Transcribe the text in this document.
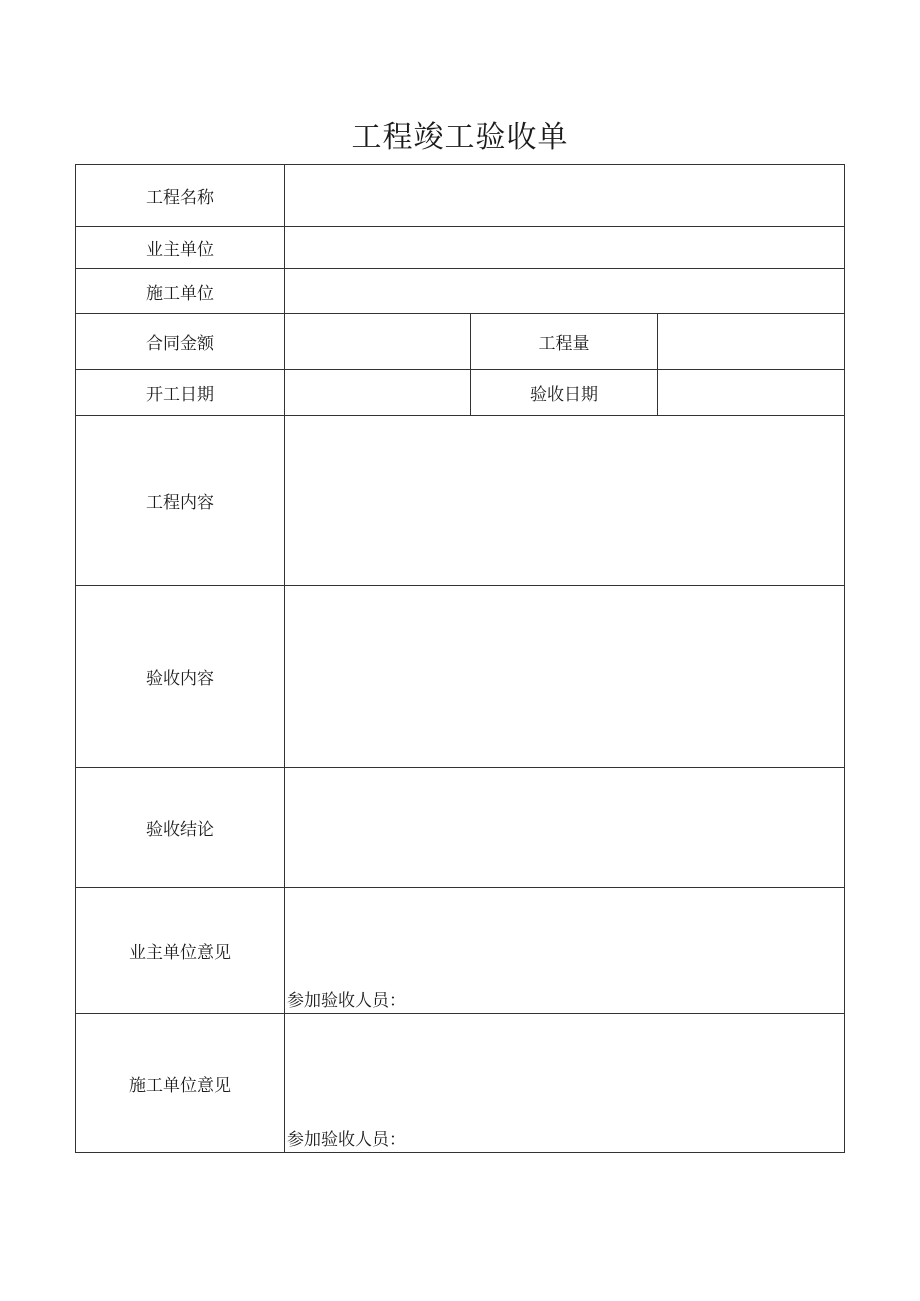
工程竣工验收单
工程名称			
业主单位			
施工单位			
合同金额		工程量	
开工日期		验收日期	
工程内容			
验收内容			
验收结论			
业主单位意见	参加验收人员：		

施工单位意见	参加验收人员：		
